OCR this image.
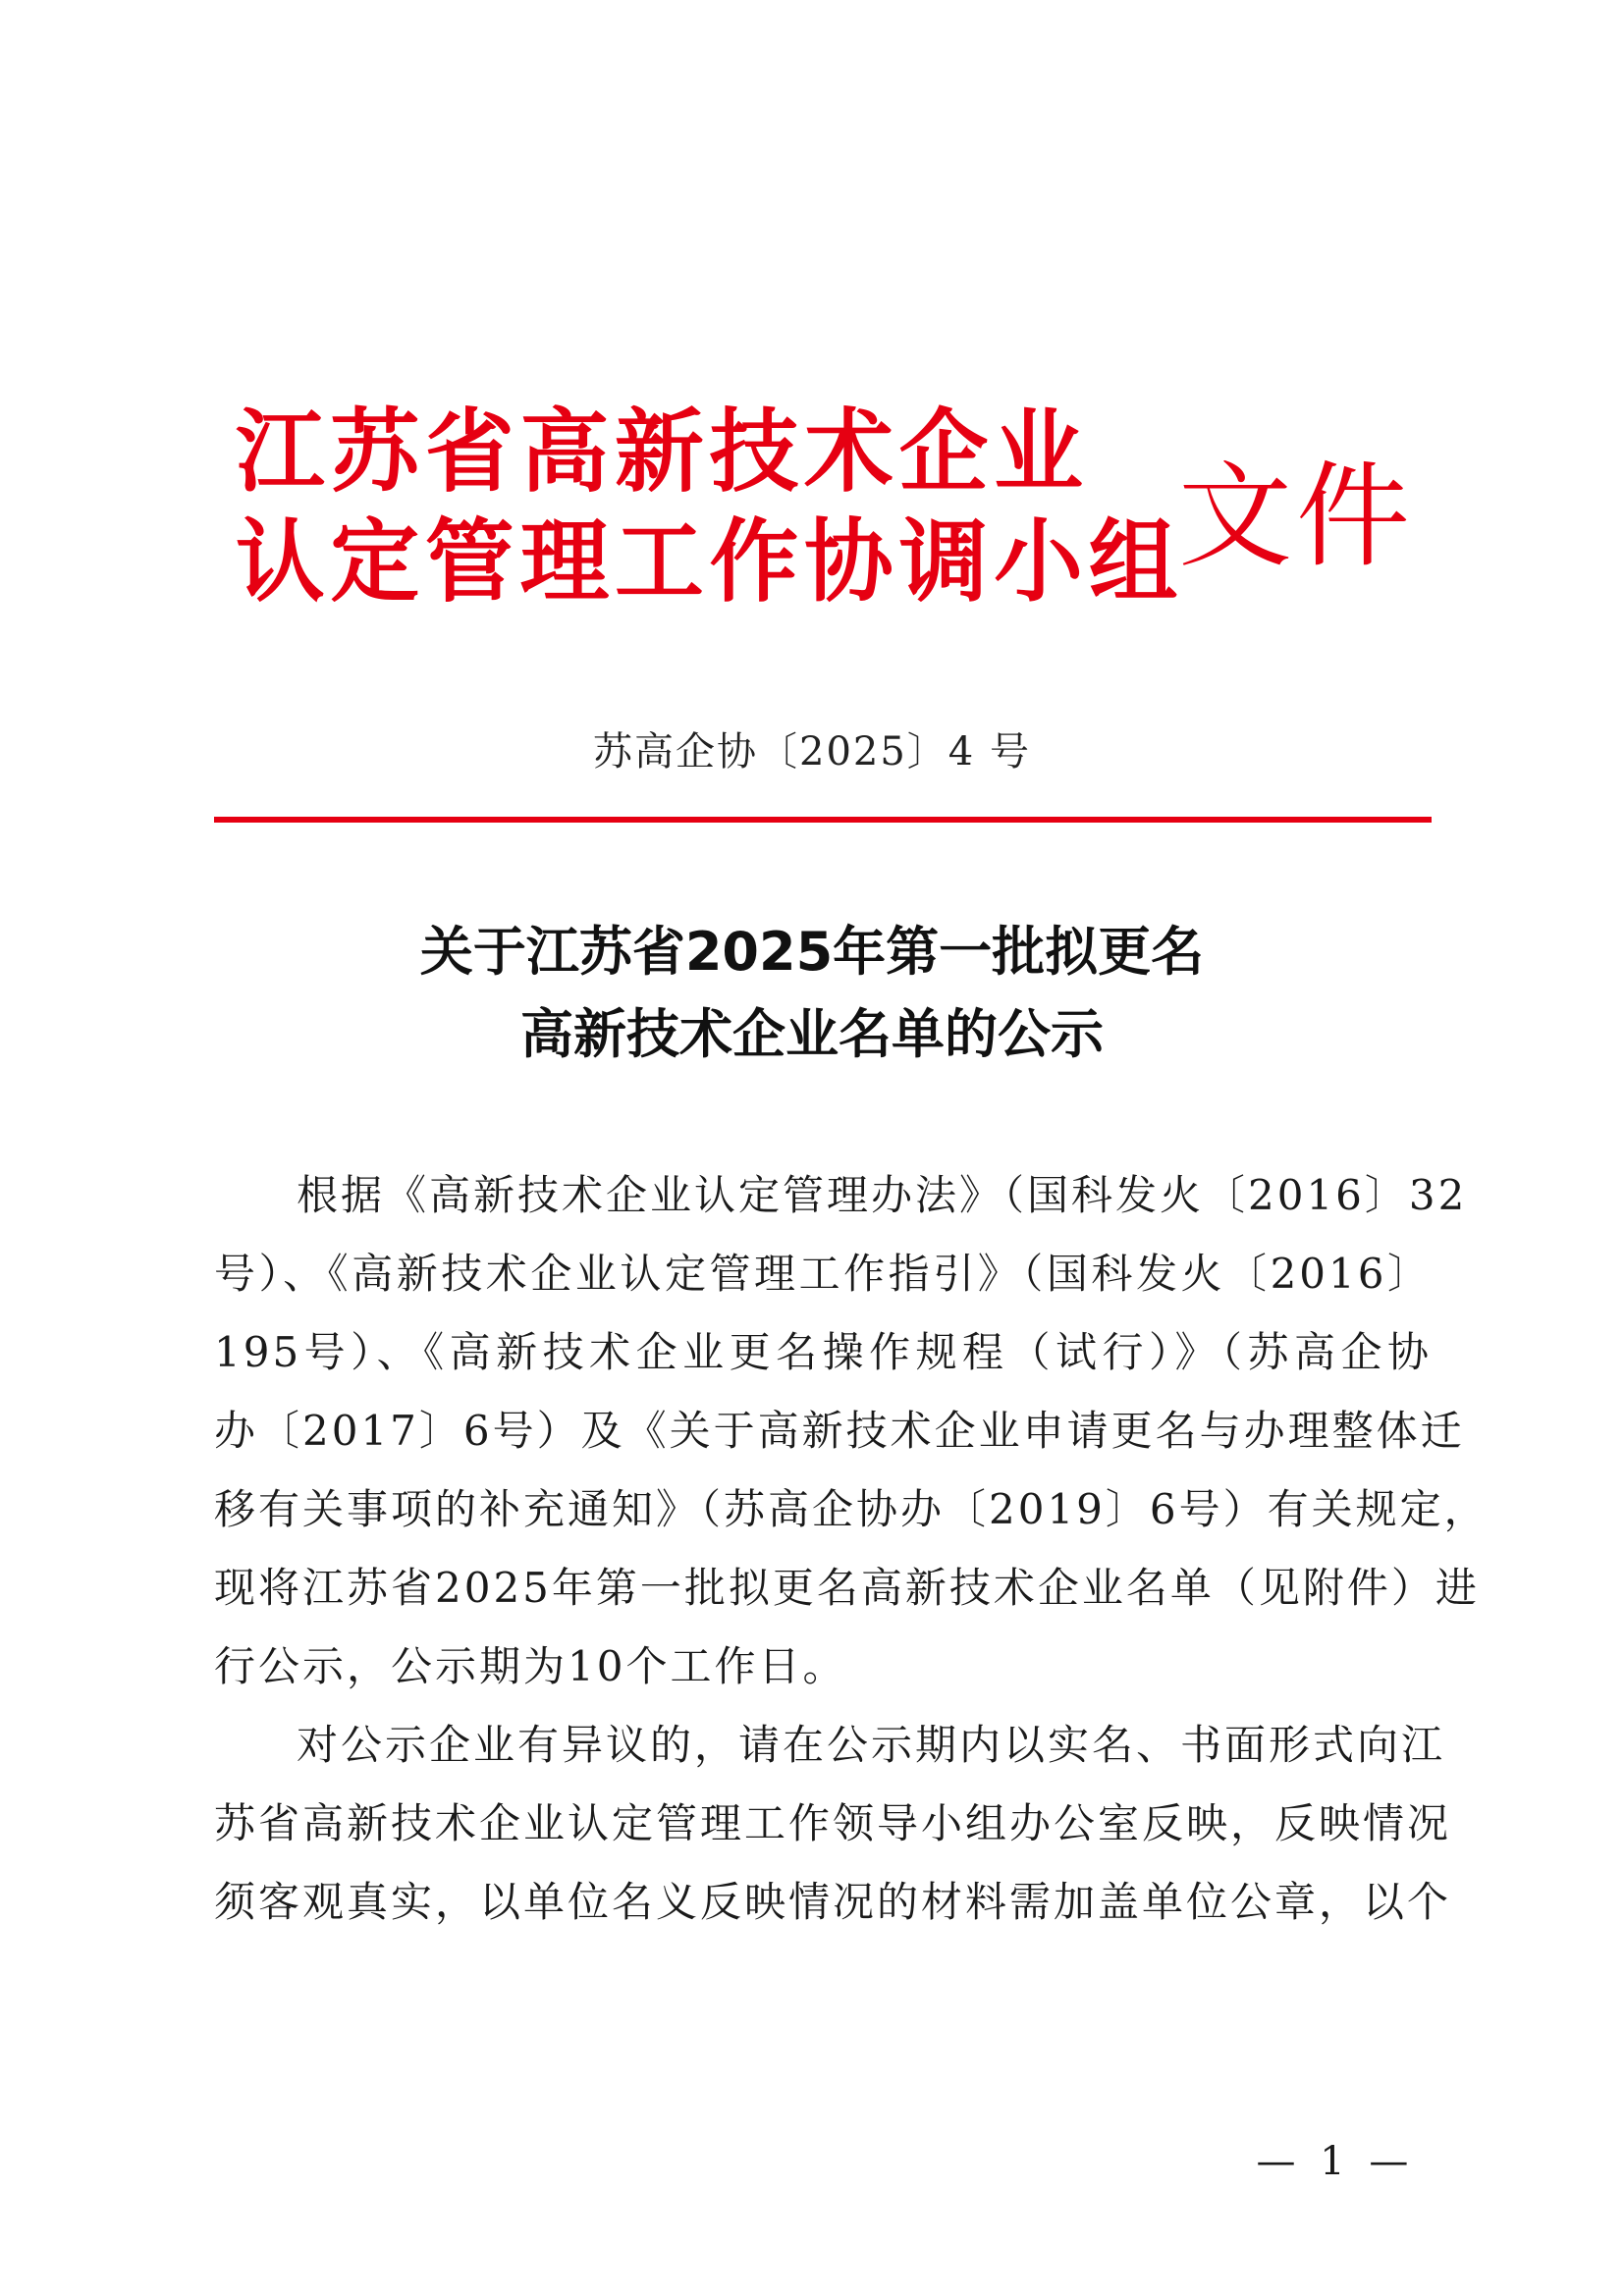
江苏省高新技术企业
认定管理工作协调小组
文件
苏高企协〔2025〕4 号
关于江苏省2025年第一批拟更名
高新技术企业名单的公示
根据《高新技术企业认定管理办法》（国科发火〔2016〕32
号）、《高新技术企业认定管理工作指引》（国科发火〔2016〕
195号）、《高新技术企业更名操作规程（试行）》（苏高企协
办〔2017〕6号）及《关于高新技术企业申请更名与办理整体迁
移有关事项的补充通知》（苏高企协办〔2019〕6号）有关规定，
现将江苏省2025年第一批拟更名高新技术企业名单（见附件）进
行公示，公示期为10个工作日。
对公示企业有异议的，请在公示期内以实名、书面形式向江
苏省高新技术企业认定管理工作领导小组办公室反映，反映情况
须客观真实，以单位名义反映情况的材料需加盖单位公章，以个
— 1 —
